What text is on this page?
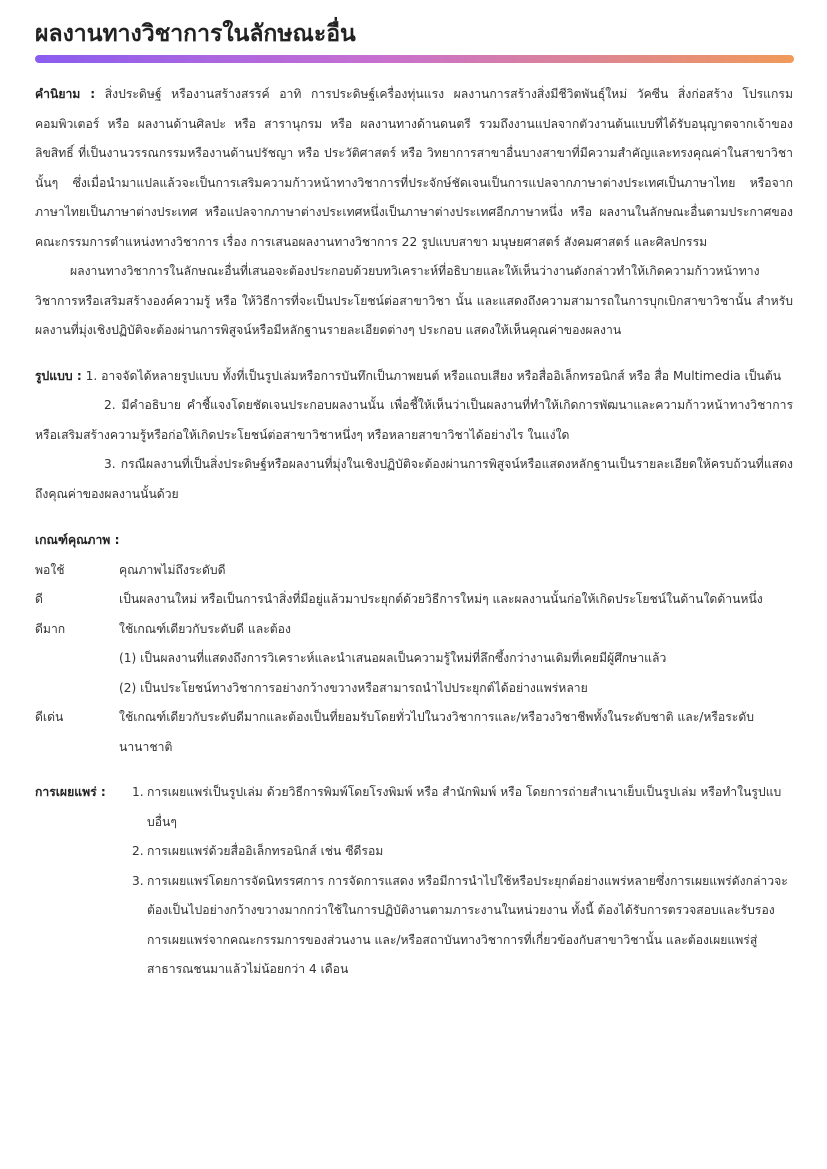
ผลงานทางวิชาการในลักษณะอื่น

คำนิยาม : สิ่งประดิษฐ์ หรืองานสร้างสรรค์ อาทิ การประดิษฐ์เครื่องทุ่นแรง ผลงานการสร้างสิ่งมีชีวิตพันธุ์ใหม่ วัคซีน สิ่งก่อสร้าง โปรแกรมคอมพิวเตอร์ หรือ ผลงานด้านศิลปะ หรือ สารานุกรม หรือ ผลงานทางด้านดนตรี รวมถึงงานแปลจากตัวงานต้นแบบที่ได้รับอนุญาตจากเจ้าของลิขสิทธิ์ ที่เป็นงานวรรณกรรมหรืองานด้านปรัชญา หรือ ประวัติศาสตร์ หรือ วิทยาการสาขาอื่นบางสาขาที่มีความสำคัญและทรงคุณค่าในสาขาวิชานั้นๆ ซึ่งเมื่อนำมาแปลแล้วจะเป็นการเสริมความก้าวหน้าทางวิชาการที่ประจักษ์ชัดเจนเป็นการแปลจากภาษาต่างประเทศเป็นภาษาไทย หรือจากภาษาไทยเป็นภาษาต่างประเทศ หรือแปลจากภาษาต่างประเทศหนึ่งเป็นภาษาต่างประเทศอีกภาษาหนึ่ง หรือ ผลงานในลักษณะอื่นตามประกาศของคณะกรรมการตำแหน่งทางวิชาการ เรื่อง การเสนอผลงานทางวิชาการ 22 รูปแบบสาขา มนุษยศาสตร์ สังคมศาสตร์ และศิลปกรรม

ผลงานทางวิชาการในลักษณะอื่นที่เสนอจะต้องประกอบด้วยบทวิเคราะห์ที่อธิบายและให้เห็นว่างานดังกล่าวทำให้เกิดความก้าวหน้าทางวิชาการหรือเสริมสร้างองค์ความรู้ หรือ ให้วิธีการที่จะเป็นประโยชน์ต่อสาขาวิชา นั้น และแสดงถึงความสามารถในการบุกเบิกสาขาวิชานั้น สำหรับผลงานที่มุ่งเชิงปฏิบัติจะต้องผ่านการพิสูจน์หรือมีหลักฐานรายละเอียดต่างๆ ประกอบ แสดงให้เห็นคุณค่าของผลงาน

รูปแบบ : 1. อาจจัดได้หลายรูปแบบ ทั้งที่เป็นรูปเล่มหรือการบันทึกเป็นภาพยนต์ หรือแถบเสียง หรือสื่ออิเล็กทรอนิกส์ หรือ สื่อ Multimedia เป็นต้น

2. มีคำอธิบาย คำชี้แจงโดยชัดเจนประกอบผลงานนั้น เพื่อชี้ให้เห็นว่าเป็นผลงานที่ทำให้เกิดการพัฒนาและความก้าวหน้าทางวิชาการหรือเสริมสร้างความรู้หรือก่อให้เกิดประโยชน์ต่อสาขาวิชาหนึ่งๆ หรือหลายสาขาวิชาได้อย่างไร ในแง่ใด

3. กรณีผลงานที่เป็นสิ่งประดิษฐ์หรือผลงานที่มุ่งในเชิงปฏิบัติจะต้องผ่านการพิสูจน์หรือแสดงหลักฐานเป็นรายละเอียดให้ครบถ้วนที่แสดงถึงคุณค่าของผลงานนั้นด้วย

เกณฑ์คุณภาพ :
พอใช้	คุณภาพไม่ถึงระดับดี
ดี	เป็นผลงานใหม่ หรือเป็นการนำสิ่งที่มีอยู่แล้วมาประยุกต์ด้วยวิธีการใหม่ๆ และผลงานนั้นก่อให้เกิดประโยชน์ในด้านใดด้านหนึ่ง
ดีมาก	ใช้เกณฑ์เดียวกับระดับดี และต้อง
(1) เป็นผลงานที่แสดงถึงการวิเคราะห์และนำเสนอผลเป็นความรู้ใหม่ที่ลึกซึ้งกว่างานเดิมที่เคยมีผู้ศึกษาแล้ว
(2) เป็นประโยชน์ทางวิชาการอย่างกว้างขวางหรือสามารถนำไปประยุกต์ได้อย่างแพร่หลาย
ดีเด่น	ใช้เกณฑ์เดียวกับระดับดีมากและต้องเป็นที่ยอมรับโดยทั่วไปในวงวิชาการและ/หรือวงวิชาชีพทั้งในระดับชาติ และ/หรือระดับนานาชาติ
การเผยแพร่ :	1. การเผยแพร่เป็นรูปเล่ม ด้วยวิธีการพิมพ์โดยโรงพิมพ์ หรือ สำนักพิมพ์ หรือ โดยการถ่ายสำเนาเย็บเป็นรูปเล่ม หรือทำในรูปแบบอื่นๆ
2. การเผยแพร่ด้วยสื่ออิเล็กทรอนิกส์ เช่น ซีดีรอม
3. การเผยแพร่โดยการจัดนิทรรศการ การจัดการแสดง หรือมีการนำไปใช้หรือประยุกต์อย่างแพร่หลายซึ่งการเผยแพร่ดังกล่าวจะต้องเป็นไปอย่างกว้างขวางมากกว่าใช้ในการปฏิบัติงานตามภาระงานในหน่วยงาน ทั้งนี้ ต้องได้รับการตรวจสอบและรับรองการเผยแพร่จากคณะกรรมการของส่วนงาน และ/หรือสถาบันทางวิชาการที่เกี่ยวข้องกับสาขาวิชานั้น และต้องเผยแพร่สู่สาธารณชนมาแล้วไม่น้อยกว่า 4 เดือน
